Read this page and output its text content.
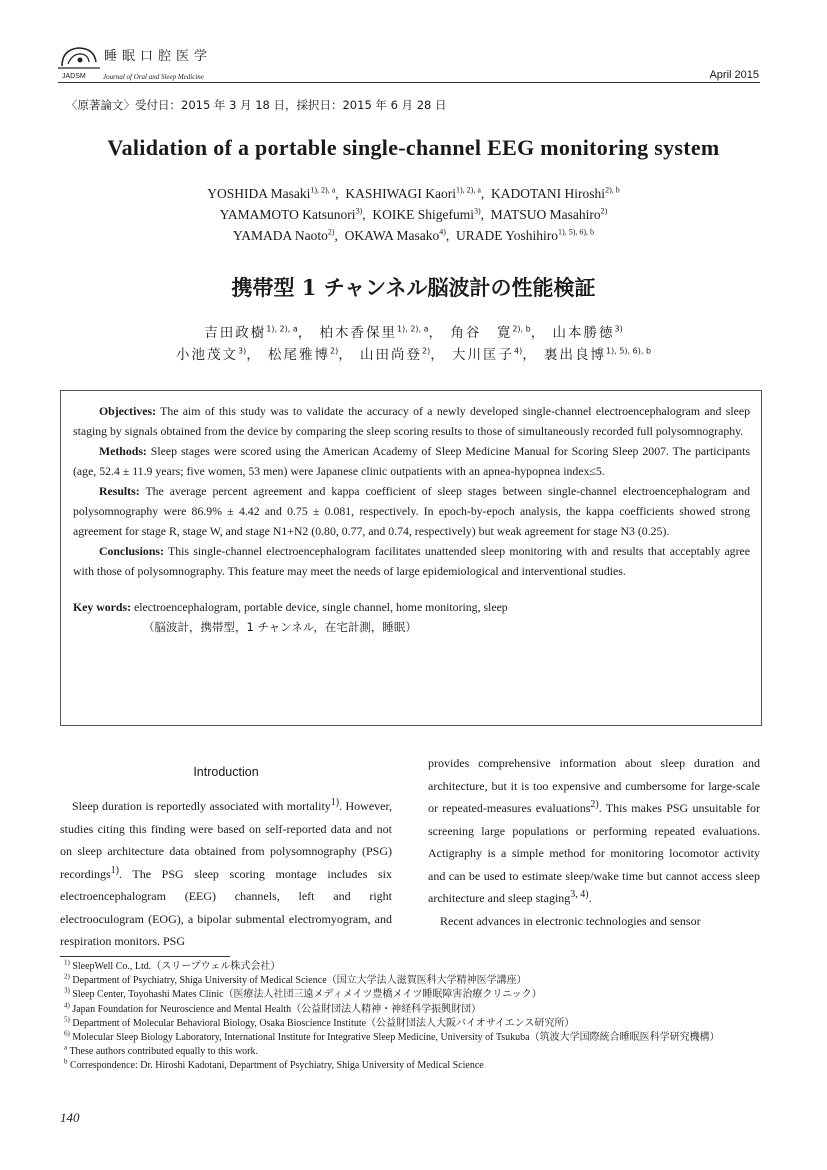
睡眠口腔医学
JADSM Journal of Oral and Sleep Medicine	April 2015
〈原著論文〉受付日：2015 年 3 月 18 日，採択日：2015 年 6 月 28 日
Validation of a portable single-channel EEG monitoring system
YOSHIDA Masaki$^{1), 2), a}$,  KASHIWAGI Kaori$^{1), 2), a}$,  KADOTANI Hiroshi$^{2), b}$
YAMAMOTO Katsunori$^{3)}$,  KOIKE Shigefumi$^{3)}$,  MATSUO Masahiro$^{2)}$
YAMADA Naoto$^{2)}$,  OKAWA Masako$^{4)}$,  URADE Yoshihiro$^{1), 5), 6), b}$
携帯型 1 チャンネル脳波計の性能検証
吉田政樹$^{1), 2), a}$， 柏木香保里$^{1), 2), a}$， 角谷　寛$^{2), b}$， 山本勝徳$^{3)}$
小池茂文$^{3)}$， 松尾雅博$^{2)}$， 山田尚登$^{2)}$， 大川匡子$^{4)}$， 裏出良博$^{1), 5), 6), b}$

Objectives: The aim of this study was to validate the accuracy of a newly developed single-channel electroencephalogram and sleep staging by signals obtained from the device by comparing the sleep scoring results to those of simultaneously recorded full polysomnography.

Methods: Sleep stages were scored using the American Academy of Sleep Medicine Manual for Scoring Sleep 2007. The participants (age, 52.4 ± 11.9 years; five women, 53 men) were Japanese clinic outpatients with an apnea-hypopnea index≤5.

Results: The average percent agreement and kappa coefficient of sleep stages between single-channel electroencephalogram and polysomnography were 86.9% ± 4.42 and 0.75 ± 0.081, respectively. In epoch-by-epoch analysis, the kappa coefficients showed strong agreement for stage R, stage W, and stage N1+N2 (0.80, 0.77, and 0.74, respectively) but weak agreement for stage N3 (0.25).

Conclusions: This single-channel electroencephalogram facilitates unattended sleep monitoring with and results that acceptably agree with those of polysomnography. This feature may meet the needs of large epidemiological and interventional studies.

Key words: electroencephalogram, portable device, single channel, home monitoring, sleep

（脳波計，携帯型，1 チャンネル，在宅計測，睡眠）

Introduction

Sleep duration is reportedly associated with mortality$^{1)}$. However, studies citing this finding were based on self-reported data and not on sleep architecture data obtained from polysomnography (PSG) recordings$^{1)}$. The PSG sleep scoring montage includes six electroencephalogram (EEG) channels, left and right electrooculogram (EOG), a bipolar submental electromyogram, and respiration monitors. PSG

provides comprehensive information about sleep duration and architecture, but it is too expensive and cumbersome for large-scale or repeated-measures evaluations$^{2)}$. This makes PSG unsuitable for screening large populations or performing repeated evaluations. Actigraphy is a simple method for monitoring locomotor activity and can be used to estimate sleep/wake time but cannot access sleep architecture and sleep staging$^{3, 4)}$.

Recent advances in electronic technologies and sensor

$^{1)}$ SleepWell Co., Ltd.（スリープウェル株式会社）
$^{2)}$ Department of Psychiatry, Shiga University of Medical Science（国立大学法人滋賀医科大学精神医学講座）
$^{3)}$ Sleep Center, Toyohashi Mates Clinic（医療法人社団三遠メディメイツ豊橋メイツ睡眠障害治療クリニック）
$^{4)}$ Japan Foundation for Neuroscience and Mental Health（公益財団法人精神・神経科学振興財団）
$^{5)}$ Department of Molecular Behavioral Biology, Osaka Bioscience Institute（公益財団法人大阪バイオサイエンス研究所）
$^{6)}$ Molecular Sleep Biology Laboratory, International Institute for Integrative Sleep Medicine, University of Tsukuba（筑波大学国際統合睡眠医科学研究機構）
$^a$ These authors contributed equally to this work.
$^b$ Correspondence: Dr. Hiroshi Kadotani, Department of Psychiatry, Shiga University of Medical Science
140
